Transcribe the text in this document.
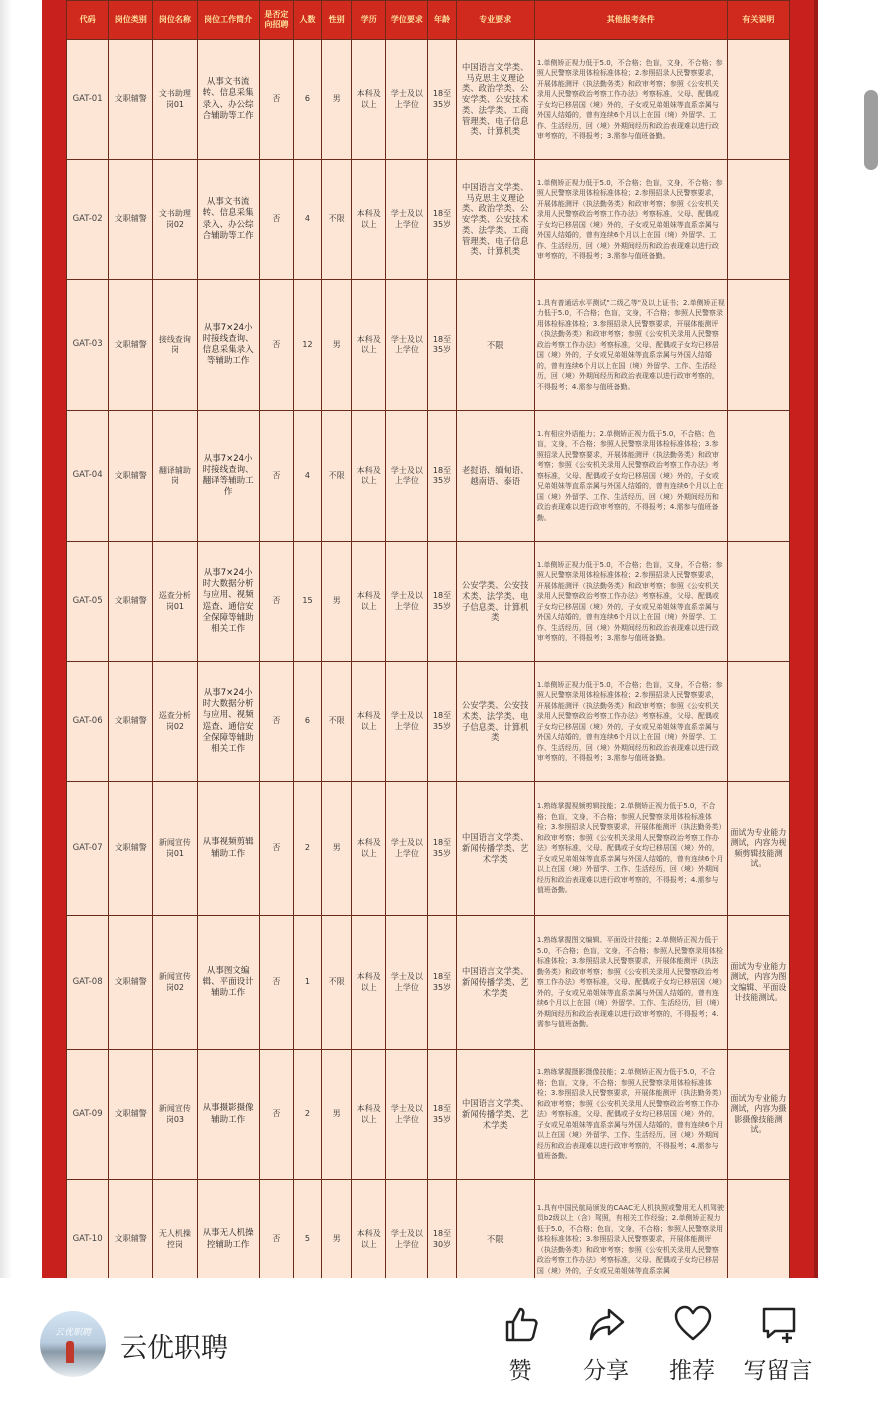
代码	岗位类别	岗位名称	岗位工作简介	是否定向招聘	人数	性别	学历	学位要求	年龄	专业要求	其他报考条件	有关说明
GAT-01	文职辅警	文书助理岗01	从事文书流转、信息采集录入、办公综合辅助等工作	否	6	男	本科及以上	学士及以上学位	18至35岁	中国语言文学类、马克思主义理论类、政治学类、公安学类、公安技术类、法学类、工商管理类、电子信息类、计算机类	1.单侧矫正视力低于5.0，不合格；色盲，文身，不合格；参照人民警察录用体检标准体检；2.参照招录人民警察要求，开展体能测评（执法勤务类）和政审考察；参照《公安机关录用人民警察政治考察工作办法》考察标准，父母、配偶或子女均已移居国（境）外的，子女或兄弟姐妹等直系亲属与外国人结婚的，曾有连续6个月以上在国（境）外留学、工作、生活经历，回（境）外期间经历和政治表现难以进行政审考察的，不得报考；3.需参与值班备勤。	
GAT-02	文职辅警	文书助理岗02	从事文书流转、信息采集录入、办公综合辅助等工作	否	4	不限	本科及以上	学士及以上学位	18至35岁	中国语言文学类、马克思主义理论类、政治学类、公安学类、公安技术类、法学类、工商管理类、电子信息类、计算机类	1.单侧矫正视力低于5.0，不合格；色盲，文身，不合格；参照人民警察录用体检标准体检；2.参照招录人民警察要求，开展体能测评（执法勤务类）和政审考察；参照《公安机关录用人民警察政治考察工作办法》考察标准，父母、配偶或子女均已移居国（境）外的，子女或兄弟姐妹等直系亲属与外国人结婚的，曾有连续6个月以上在国（境）外留学、工作、生活经历，回（境）外期间经历和政治表现难以进行政审考察的，不得报考；3.需参与值班备勤。	
GAT-03	文职辅警	接线查询岗	从事7×24小时接线查询、信息采集录入等辅助工作	否	12	男	本科及以上	学士及以上学位	18至35岁	不限	1.具有普通话水平测试"二级乙等"及以上证书；2.单侧矫正视力低于5.0，不合格；色盲，文身，不合格；参照人民警察录用体检标准体检；3.参照招录人民警察要求，开展体能测评（执法勤务类）和政审考察；参照《公安机关录用人民警察政治考察工作办法》考察标准，父母、配偶或子女均已移居国（境）外的，子女或兄弟姐妹等直系亲属与外国人结婚的，曾有连续6个月以上在国（境）外留学、工作、生活经历，回（境）外期间经历和政治表现难以进行政审考察的，不得报考；4.需参与值班备勤。	
GAT-04	文职辅警	翻译辅助岗	从事7×24小时接线查询、翻译等辅助工作	否	4	不限	本科及以上	学士及以上学位	18至35岁	老挝语、缅甸语、越南语、泰语	1.有相应外语能力；2.单侧矫正视力低于5.0，不合格；色盲，文身，不合格；参照人民警察录用体检标准体检；3.参照招录人民警察要求，开展体能测评（执法勤务类）和政审考察；参照《公安机关录用人民警察政治考察工作办法》考察标准，父母、配偶或子女均已移居国（境）外的，子女或兄弟姐妹等直系亲属与外国人结婚的，曾有连续6个月以上在国（境）外留学、工作、生活经历，回（境）外期间经历和政治表现难以进行政审考察的，不得报考；4.需参与值班备勤。	
GAT-05	文职辅警	巡查分析岗01	从事7×24小时大数据分析与应用、视频巡查、通信安全保障等辅助相关工作	否	15	男	本科及以上	学士及以上学位	18至35岁	公安学类、公安技术类、法学类、电子信息类、计算机类	1.单侧矫正视力低于5.0，不合格；色盲，文身，不合格；参照人民警察录用体检标准体检；2.参照招录人民警察要求，开展体能测评（执法勤务类）和政审考察；参照《公安机关录用人民警察政治考察工作办法》考察标准，父母、配偶或子女均已移居国（境）外的，子女或兄弟姐妹等直系亲属与外国人结婚的，曾有连续6个月以上在国（境）外留学、工作、生活经历，回（境）外期间经历和政治表现难以进行政审考察的，不得报考；3.需参与值班备勤。	
GAT-06	文职辅警	巡查分析岗02	从事7×24小时大数据分析与应用、视频巡查、通信安全保障等辅助相关工作	否	6	不限	本科及以上	学士及以上学位	18至35岁	公安学类、公安技术类、法学类、电子信息类、计算机类	1.单侧矫正视力低于5.0，不合格；色盲，文身，不合格；参照人民警察录用体检标准体检；2.参照招录人民警察要求，开展体能测评（执法勤务类）和政审考察；参照《公安机关录用人民警察政治考察工作办法》考察标准，父母、配偶或子女均已移居国（境）外的，子女或兄弟姐妹等直系亲属与外国人结婚的，曾有连续6个月以上在国（境）外留学、工作、生活经历，回（境）外期间经历和政治表现难以进行政审考察的，不得报考；3.需参与值班备勤。	
GAT-07	文职辅警	新闻宣传岗01	从事视频剪辑辅助工作	否	2	男	本科及以上	学士及以上学位	18至35岁	中国语言文学类、新闻传播学类、艺术学类	1.熟练掌握视频剪辑技能；2.单侧矫正视力低于5.0，不合格；色盲，文身，不合格；参照人民警察录用体检标准体检；3.参照招录人民警察要求，开展体能测评（执法勤务类）和政审考察；参照《公安机关录用人民警察政治考察工作办法》考察标准，父母、配偶或子女均已移居国（境）外的，子女或兄弟姐妹等直系亲属与外国人结婚的，曾有连续6个月以上在国（境）外留学、工作、生活经历，回（境）外期间经历和政治表现难以进行政审考察的，不得报考；4.需参与值班备勤。	面试为专业能力测试，内容为视频剪辑技能测试。
GAT-08	文职辅警	新闻宣传岗02	从事图文编辑、平面设计辅助工作	否	1	不限	本科及以上	学士及以上学位	18至35岁	中国语言文学类、新闻传播学类、艺术学类	1.熟练掌握图文编辑、平面设计技能；2.单侧矫正视力低于5.0，不合格；色盲，文身，不合格；参照人民警察录用体检标准体检；3.参照招录人民警察要求，开展体能测评（执法勤务类）和政审考察；参照《公安机关录用人民警察政治考察工作办法》考察标准，父母、配偶或子女均已移居国（境）外的，子女或兄弟姐妹等直系亲属与外国人结婚的，曾有连续6个月以上在国（境）外留学、工作、生活经历，回（境）外期间经历和政治表现难以进行政审考察的，不得报考；4.需参与值班备勤。	面试为专业能力测试，内容为图文编辑、平面设计技能测试。
GAT-09	文职辅警	新闻宣传岗03	从事摄影摄像辅助工作	否	2	男	本科及以上	学士及以上学位	18至35岁	中国语言文学类、新闻传播学类、艺术学类	1.熟练掌握摄影摄像技能；2.单侧矫正视力低于5.0，不合格；色盲，文身，不合格；参照人民警察录用体检标准体检；3.参照招录人民警察要求，开展体能测评（执法勤务类）和政审考察；参照《公安机关录用人民警察政治考察工作办法》考察标准，父母、配偶或子女均已移居国（境）外的，子女或兄弟姐妹等直系亲属与外国人结婚的，曾有连续6个月以上在国（境）外留学、工作、生活经历，回（境）外期间经历和政治表现难以进行政审考察的，不得报考；4.需参与值班备勤。	面试为专业能力测试，内容为摄影摄像技能测试。
GAT-10	文职辅警	无人机操控岗	从事无人机操控辅助工作	否	5	男	本科及以上	学士及以上学位	18至30岁	不限	1.具有中国民航局颁发的CAAC无人机执照或警用无人机驾驶员b2级以上（含）驾照，有相关工作经验；2.单侧矫正视力低于5.0，不合格；色盲，文身，不合格；参照人民警察录用体检标准体检；3.参照招录人民警察要求，开展体能测评（执法勤务类）和政审考察；参照《公安机关录用人民警察政治考察工作办法》考察标准，父母、配偶或子女均已移居国（境）外的，子女或兄弟姐妹等直系亲属	
云优职聘	云优职聘
赞	分享	推荐	写留言
